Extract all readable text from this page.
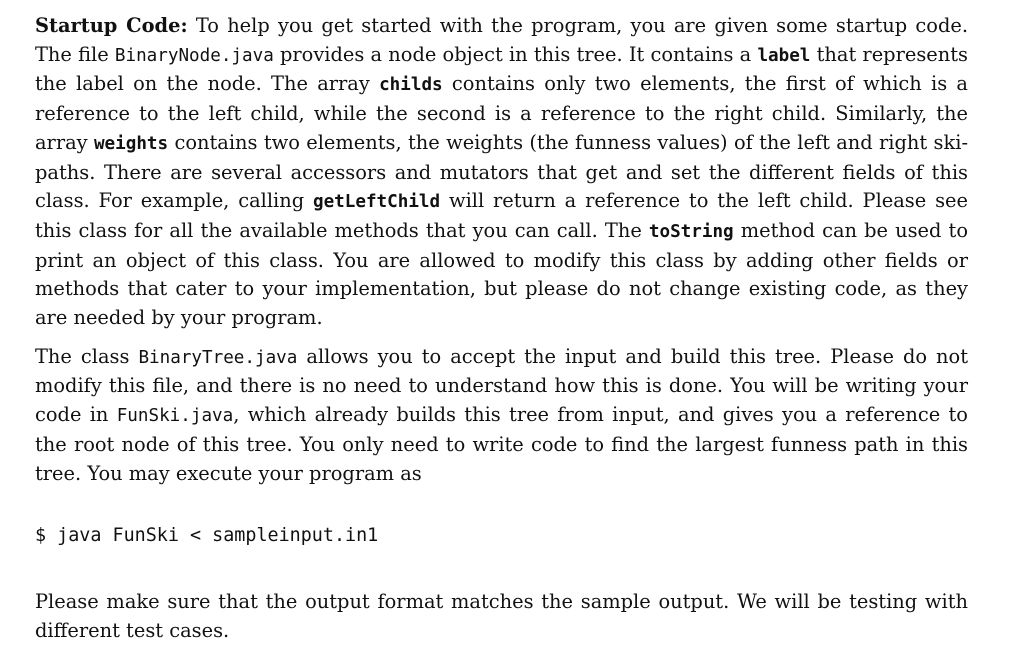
Startup Code: To help you get started with the program, you are given some startup code. The file BinaryNode.java provides a node object in this tree. It contains a label that represents the label on the node. The array childs contains only two elements, the first of which is a reference to the left child, while the second is a reference to the right child. Similarly, the array weights contains two elements, the weights (the funness values) of the left and right ski-paths. There are several accessors and mutators that get and set the different fields of this class. For example, calling getLeftChild will return a reference to the left child. Please see this class for all the available methods that you can call. The toString method can be used to print an object of this class. You are allowed to modify this class by adding other fields or methods that cater to your implementation, but please do not change existing code, as they are needed by your program.

The class BinaryTree.java allows you to accept the input and build this tree. Please do not modify this file, and there is no need to understand how this is done. You will be writing your code in FunSki.java, which already builds this tree from input, and gives you a reference to the root node of this tree. You only need to write code to find the largest funness path in this tree. You may execute your program as

$ java FunSki < sampleinput.in1

Please make sure that the output format matches the sample output. We will be testing with different test cases.
